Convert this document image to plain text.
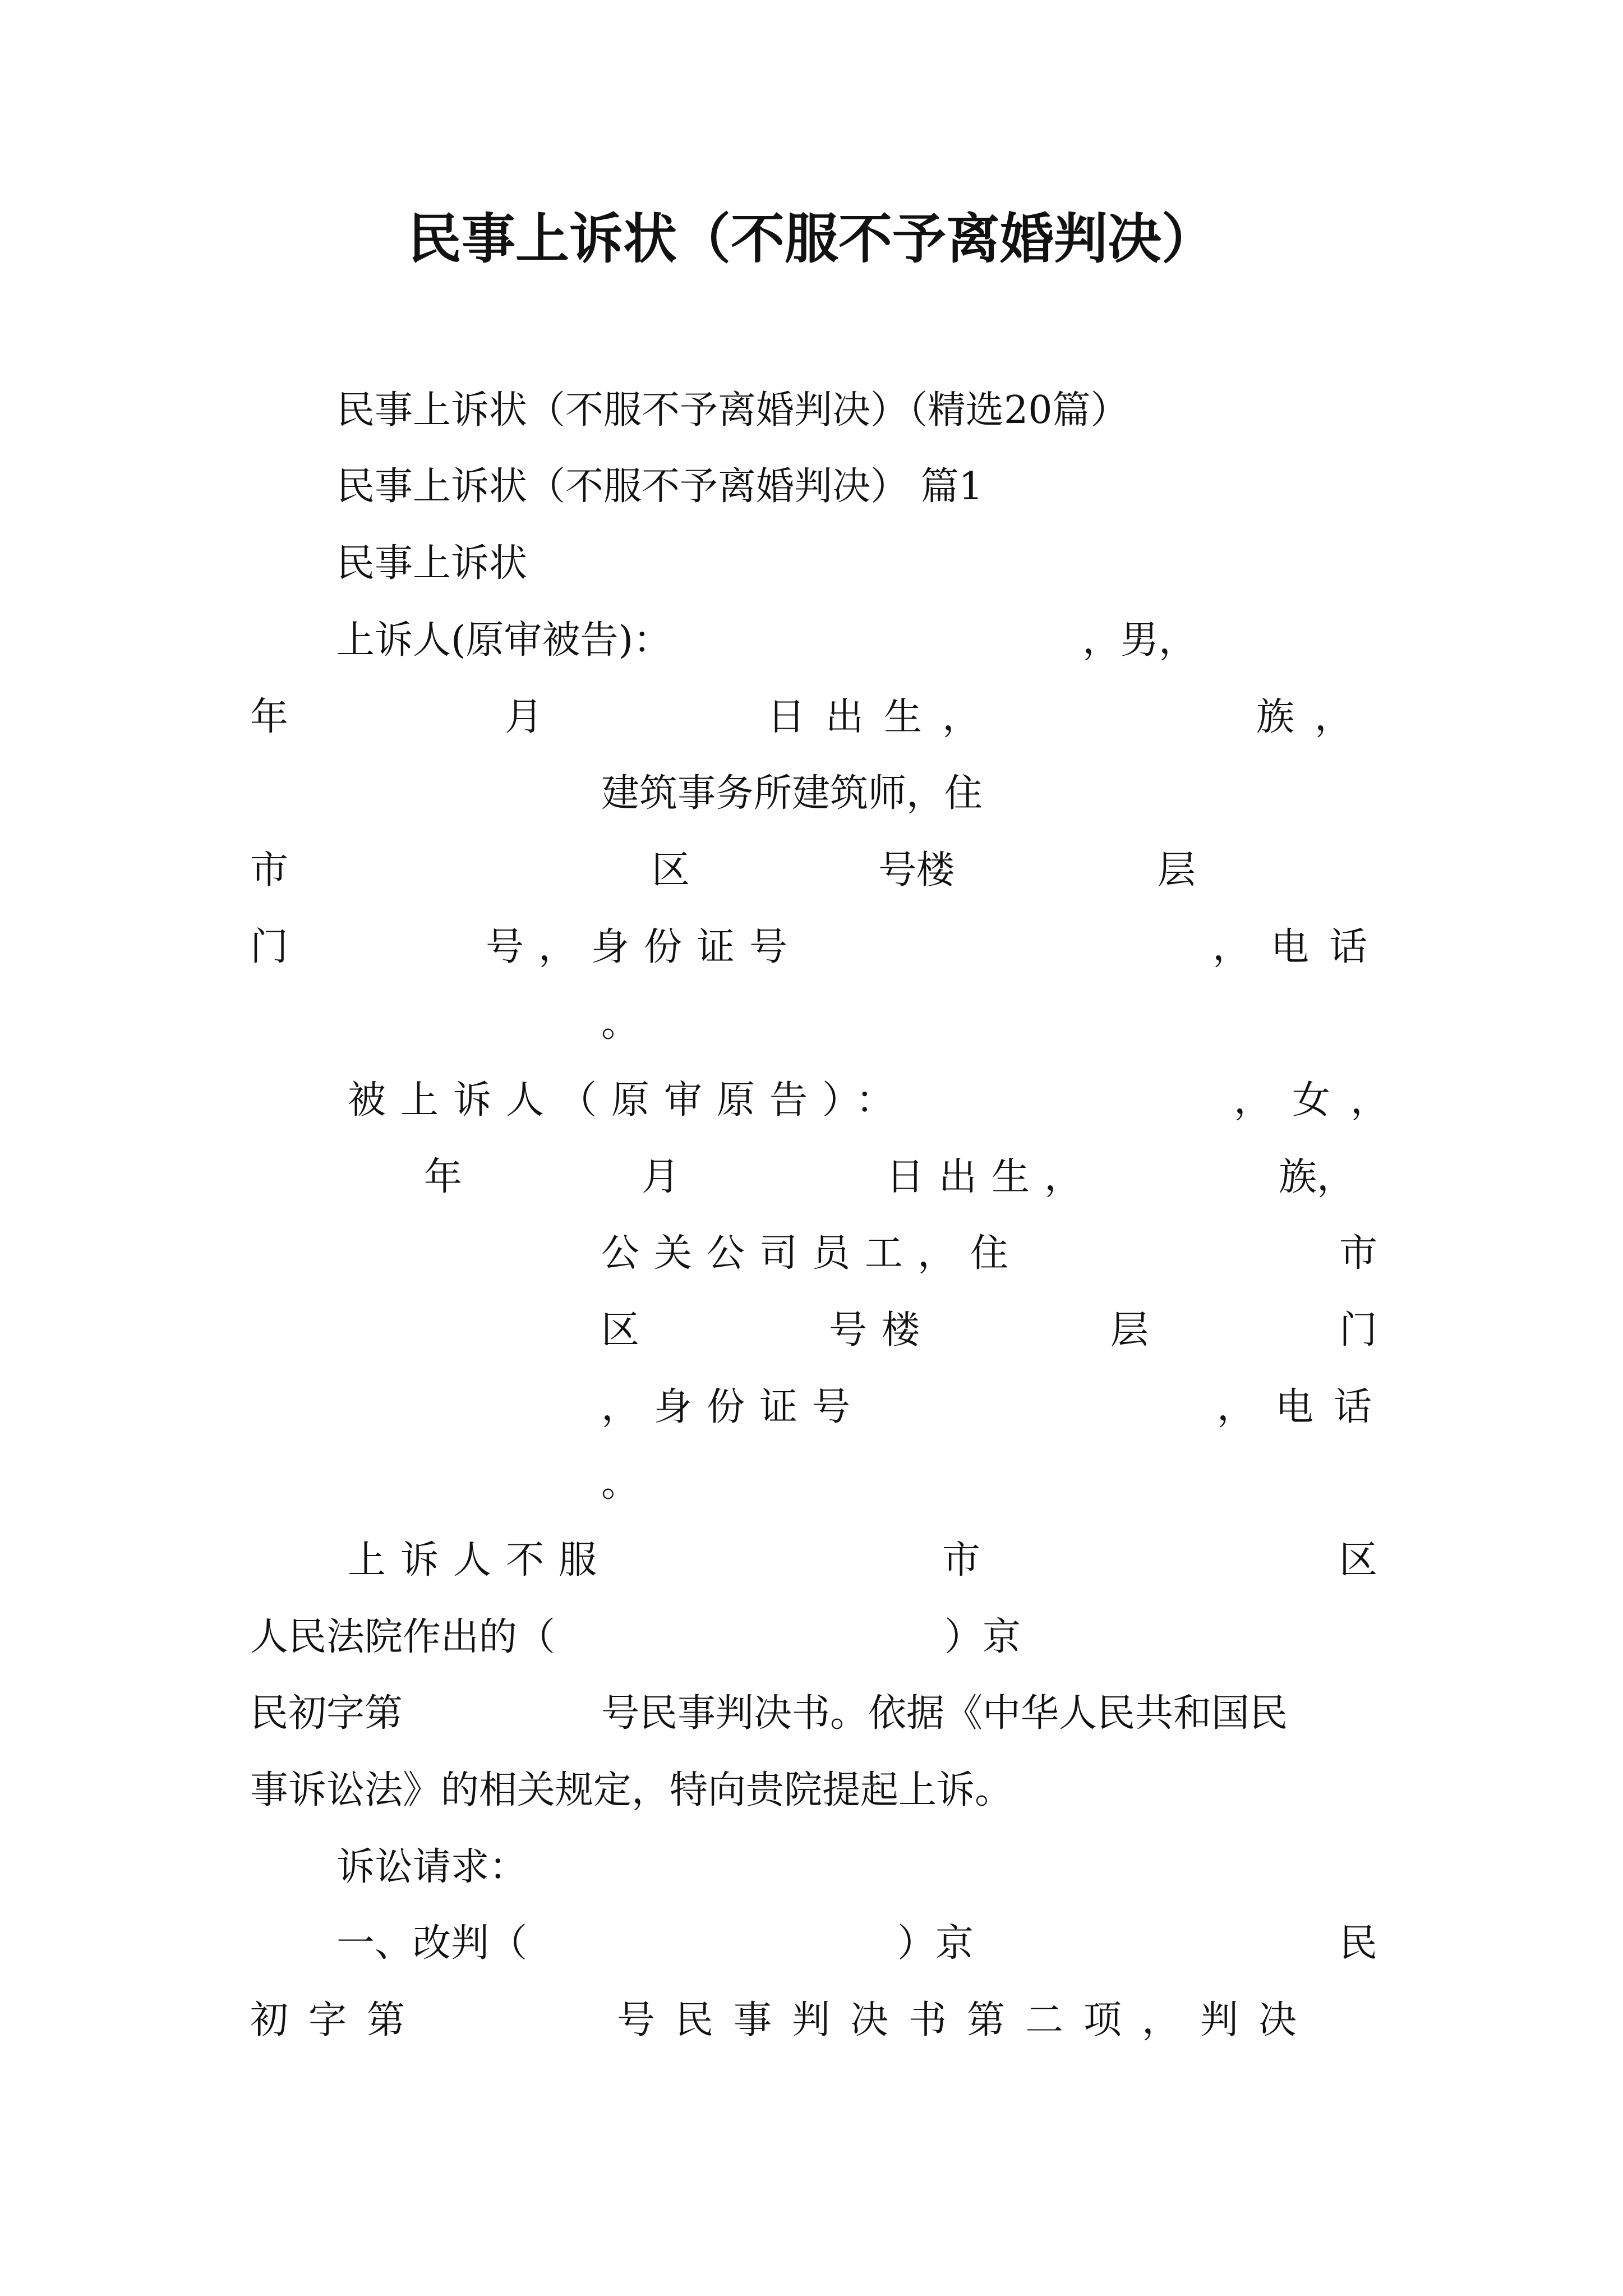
民事上诉状（不服不予离婚判决）
民事上诉状（不服不予离婚判决）（精选20篇）
民事上诉状（不服不予离婚判决） 篇1
民事上诉状
上诉人(原审被告)：	，男，
年	月	日出生，	族，
建筑事务所建筑师，住
市	区	号楼	层
门	号，身份证号	，电话
。
被上诉人（原审原告）：	，女，
年	月	日出生，	族，
公关公司员工，住	市
区	号楼	层	门
，身份证号	，电话
。
上诉人不服	市	区
人民法院作出的（	）京
民初字第	号民事判决书。依据《中华人民共和国民
事诉讼法》的相关规定，特向贵院提起上诉。
诉讼请求：
一、改判（	）京	民
初字第	号民事判决书第二项，判决
